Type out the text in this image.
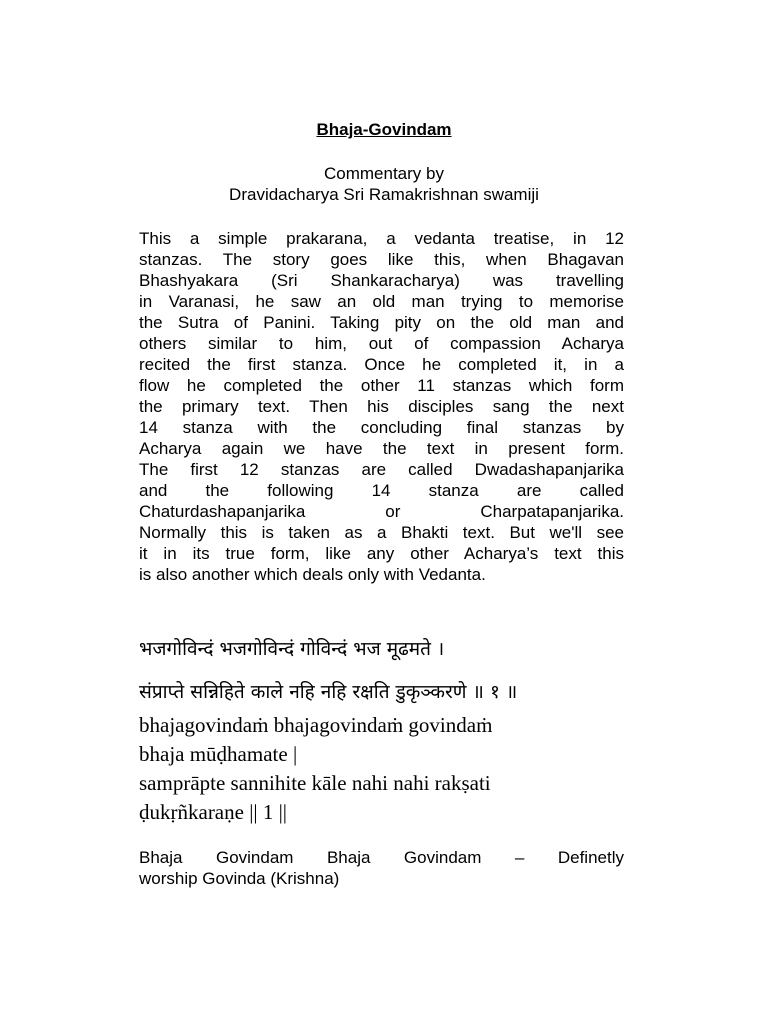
Bhaja-Govindam
Commentary by
Dravidacharya Sri Ramakrishnan swamiji
This a simple prakarana, a vedanta treatise, in 12
stanzas. The story goes like this, when Bhagavan
Bhashyakara (Sri Shankaracharya) was travelling
in Varanasi, he saw an old man trying to memorise
the Sutra of Panini. Taking pity on the old man and
others similar to him, out of compassion Acharya
recited the first stanza. Once he completed it, in a
flow he completed the other 11 stanzas which form
the primary text. Then his disciples sang the next
14 stanza with the concluding final stanzas by
Acharya again we have the text in present form.
The first 12 stanzas are called Dwadashapanjarika
and the following 14 stanza are called
Chaturdashapanjarika or Charpatapanjarika.
Normally this is taken as a Bhakti text. But we'll see
it in its true form, like any other Acharya’s text this
is also another which deals only with Vedanta.
भजगोविन्दं भजगोविन्दं गोविन्दं भज मूढमते ।
संप्राप्ते सन्निहिते काले नहि नहि रक्षति डुकृञ्करणे ॥ १ ॥
bhajagovindaṁ bhajagovindaṁ govindaṁ
bhaja mūḍhamate |
samprāpte sannihite kāle nahi nahi rakṣati
ḍukṛñkaraṇe || 1 ||
Bhaja Govindam Bhaja Govindam – Definetly
worship Govinda (Krishna)
